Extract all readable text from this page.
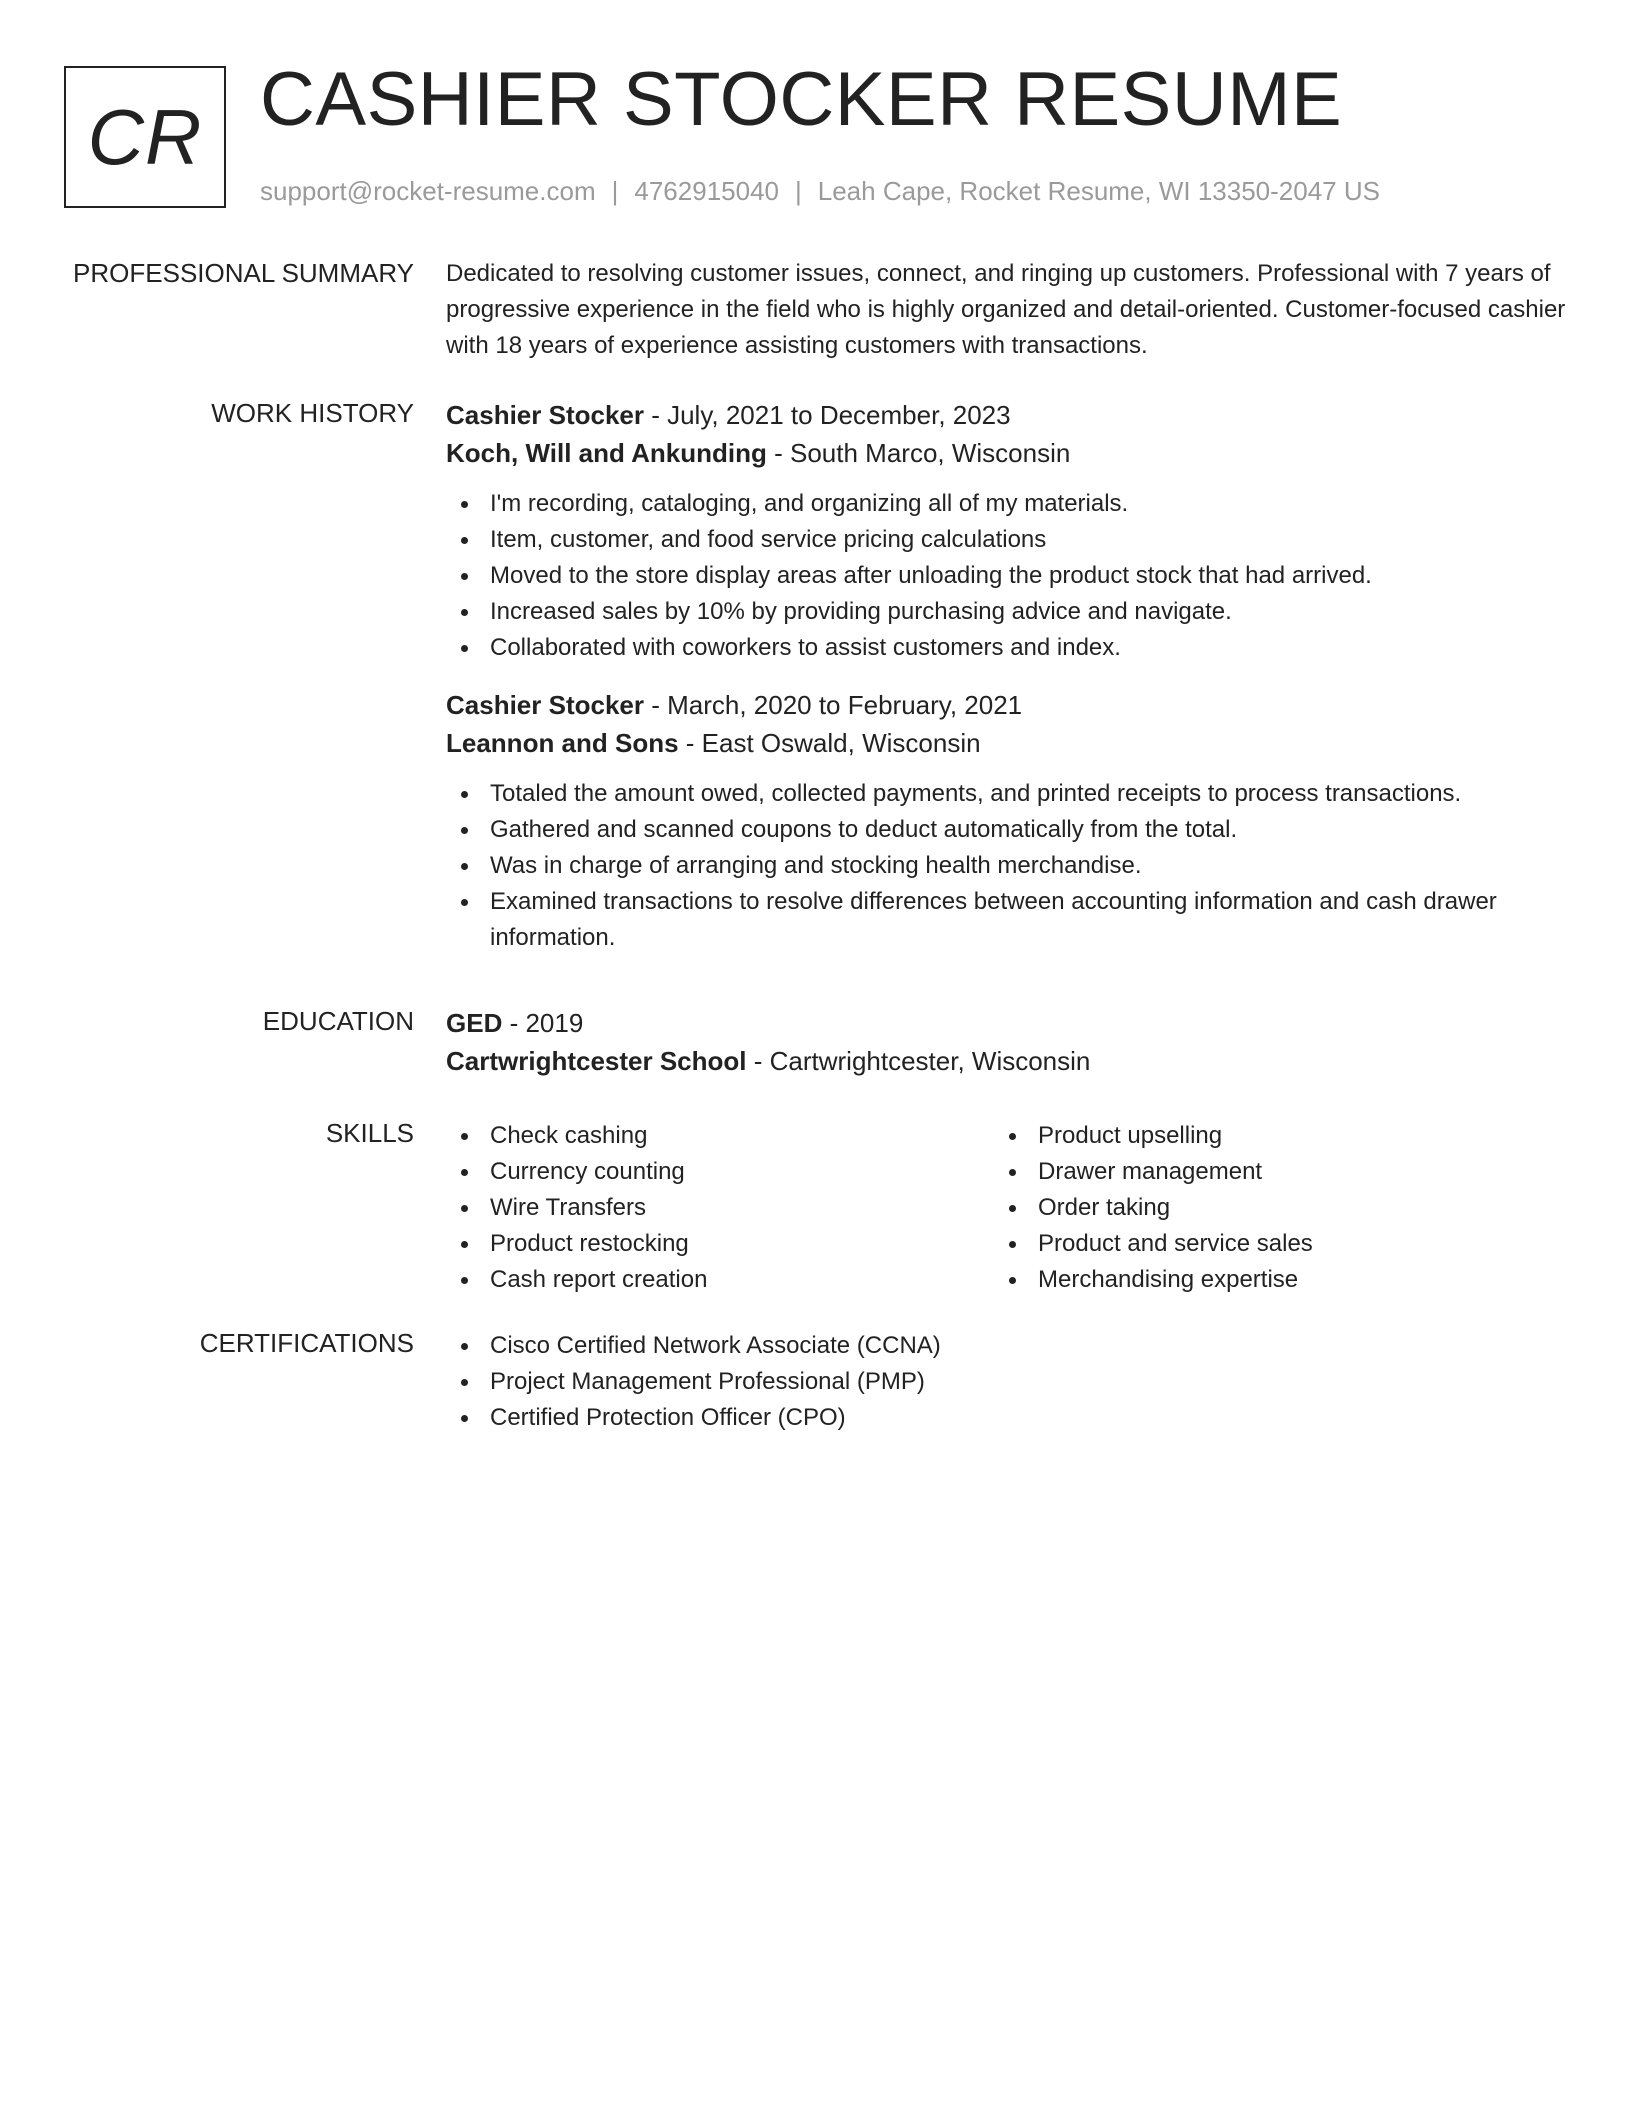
CR CASHIER STOCKER RESUME
support@rocket-resume.com | 4762915040 | Leah Cape, Rocket Resume, WI 13350-2047 US
PROFESSIONAL SUMMARY Dedicated to resolving customer issues, connect, and ringing up customers. Professional with 7 years of progressive experience in the field who is highly organized and detail-oriented. Customer-focused cashier with 18 years of experience assisting customers with transactions.

WORK HISTORY Cashier Stocker - July, 2021 to December, 2023
Koch, Will and Ankunding - South Marco, Wisconsin
I'm recording, cataloging, and organizing all of my materials.
Item, customer, and food service pricing calculations
Moved to the store display areas after unloading the product stock that had arrived.
Increased sales by 10% by providing purchasing advice and navigate.
Collaborated with coworkers to assist customers and index.
Cashier Stocker - March, 2020 to February, 2021
Leannon and Sons - East Oswald, Wisconsin
Totaled the amount owed, collected payments, and printed receipts to process transactions.
Gathered and scanned coupons to deduct automatically from the total.
Was in charge of arranging and stocking health merchandise.
Examined transactions to resolve differences between accounting information and cash drawer information.
EDUCATION GED - 2019
Cartwrightcester School - Cartwrightcester, Wisconsin
SKILLS	Check cashing
Currency counting
Wire Transfers
Product restocking
Cash report creation
Product upselling
Drawer management
Order taking
Product and service sales
Merchandising expertise
CERTIFICATIONS	Cisco Certified Network Associate (CCNA)
Project Management Professional (PMP)
Certified Protection Officer (CPO)
